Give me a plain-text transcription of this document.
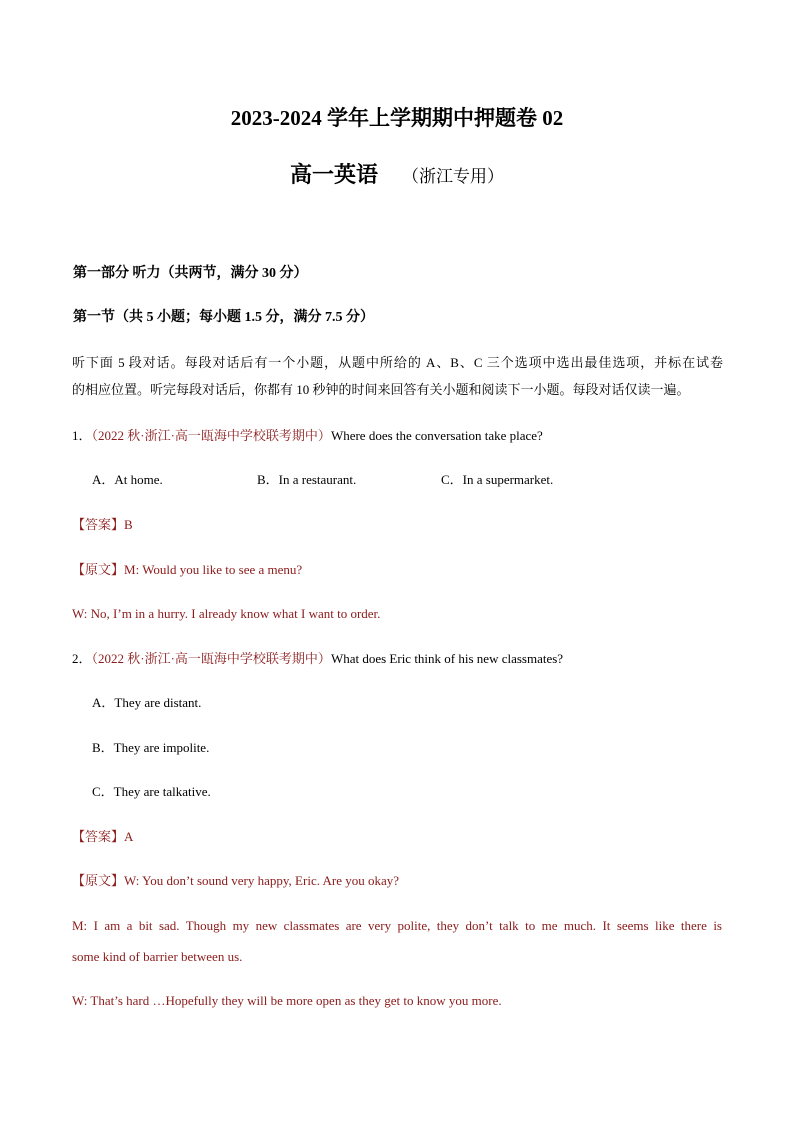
2023-2024 学年上学期期中押题卷 02
高一英语 （浙江专用）
第一部分 听力（共两节，满分 30 分）
第一节（共 5 小题；每小题 1.5 分，满分 7.5 分）
听下面 5 段对话。每段对话后有一个小题，从题中所给的 A、B、C 三个选项中选出最佳选项，并标在试卷
的相应位置。听完每段对话后，你都有 10 秒钟的时间来回答有关小题和阅读下一小题。每段对话仅读一遍。
1．（2022 秋·浙江·高一瓯海中学校联考期中）Where does the conversation take place?
A．At home.	B．In a restaurant.	C．In a supermarket.
【答案】B
【原文】M: Would you like to see a menu?
W: No, I’m in a hurry. I already know what I want to order.
2．（2022 秋·浙江·高一瓯海中学校联考期中）What does Eric think of his new classmates?
A．They are distant.
B．They are impolite.
C．They are talkative.
【答案】A
【原文】W: You don’t sound very happy, Eric. Are you okay?
M: I am a bit sad. Though my new classmates are very polite, they don’t talk to me much. It seems like there is
some kind of barrier between us.
W: That’s hard …Hopefully they will be more open as they get to know you more.
